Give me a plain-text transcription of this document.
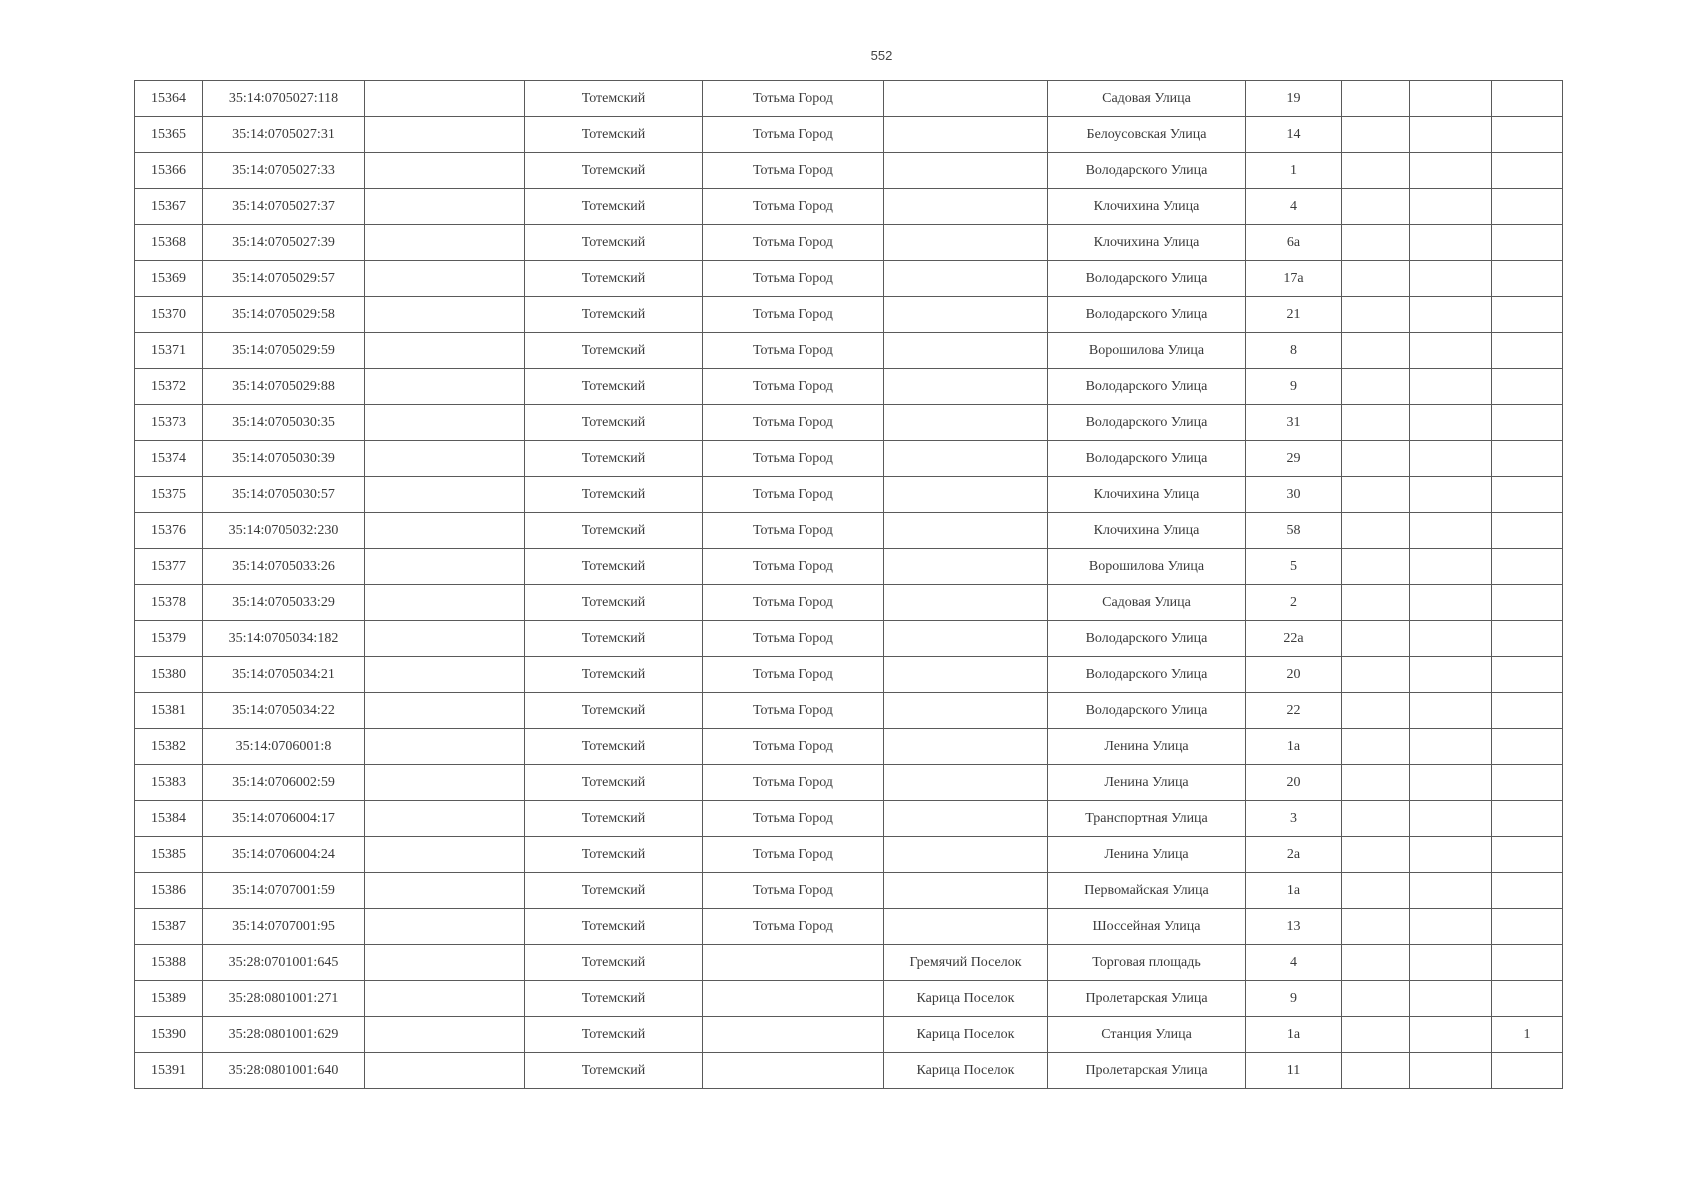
552
15364	35:14:0705027:118		Тотемский	Тотьма Город		Садовая Улица	19			
15365	35:14:0705027:31		Тотемский	Тотьма Город		Белоусовская Улица	14			
15366	35:14:0705027:33		Тотемский	Тотьма Город		Володарского Улица	1			
15367	35:14:0705027:37		Тотемский	Тотьма Город		Клочихина Улица	4			
15368	35:14:0705027:39		Тотемский	Тотьма Город		Клочихина Улица	6а			
15369	35:14:0705029:57		Тотемский	Тотьма Город		Володарского Улица	17а			
15370	35:14:0705029:58		Тотемский	Тотьма Город		Володарского Улица	21			
15371	35:14:0705029:59		Тотемский	Тотьма Город		Ворошилова Улица	8			
15372	35:14:0705029:88		Тотемский	Тотьма Город		Володарского Улица	9			
15373	35:14:0705030:35		Тотемский	Тотьма Город		Володарского Улица	31			
15374	35:14:0705030:39		Тотемский	Тотьма Город		Володарского Улица	29			
15375	35:14:0705030:57		Тотемский	Тотьма Город		Клочихина Улица	30			
15376	35:14:0705032:230		Тотемский	Тотьма Город		Клочихина Улица	58			
15377	35:14:0705033:26		Тотемский	Тотьма Город		Ворошилова Улица	5			
15378	35:14:0705033:29		Тотемский	Тотьма Город		Садовая Улица	2			
15379	35:14:0705034:182		Тотемский	Тотьма Город		Володарского Улица	22а			
15380	35:14:0705034:21		Тотемский	Тотьма Город		Володарского Улица	20			
15381	35:14:0705034:22		Тотемский	Тотьма Город		Володарского Улица	22			
15382	35:14:0706001:8		Тотемский	Тотьма Город		Ленина Улица	1а			
15383	35:14:0706002:59		Тотемский	Тотьма Город		Ленина Улица	20			
15384	35:14:0706004:17		Тотемский	Тотьма Город		Транспортная Улица	3			
15385	35:14:0706004:24		Тотемский	Тотьма Город		Ленина Улица	2а			
15386	35:14:0707001:59		Тотемский	Тотьма Город		Первомайская Улица	1а			
15387	35:14:0707001:95		Тотемский	Тотьма Город		Шоссейная Улица	13			
15388	35:28:0701001:645		Тотемский		Гремячий Поселок	Торговая площадь	4			
15389	35:28:0801001:271		Тотемский		Карица Поселок	Пролетарская Улица	9			
15390	35:28:0801001:629		Тотемский		Карица Поселок	Станция Улица	1а			1
15391	35:28:0801001:640		Тотемский		Карица Поселок	Пролетарская Улица	11			
